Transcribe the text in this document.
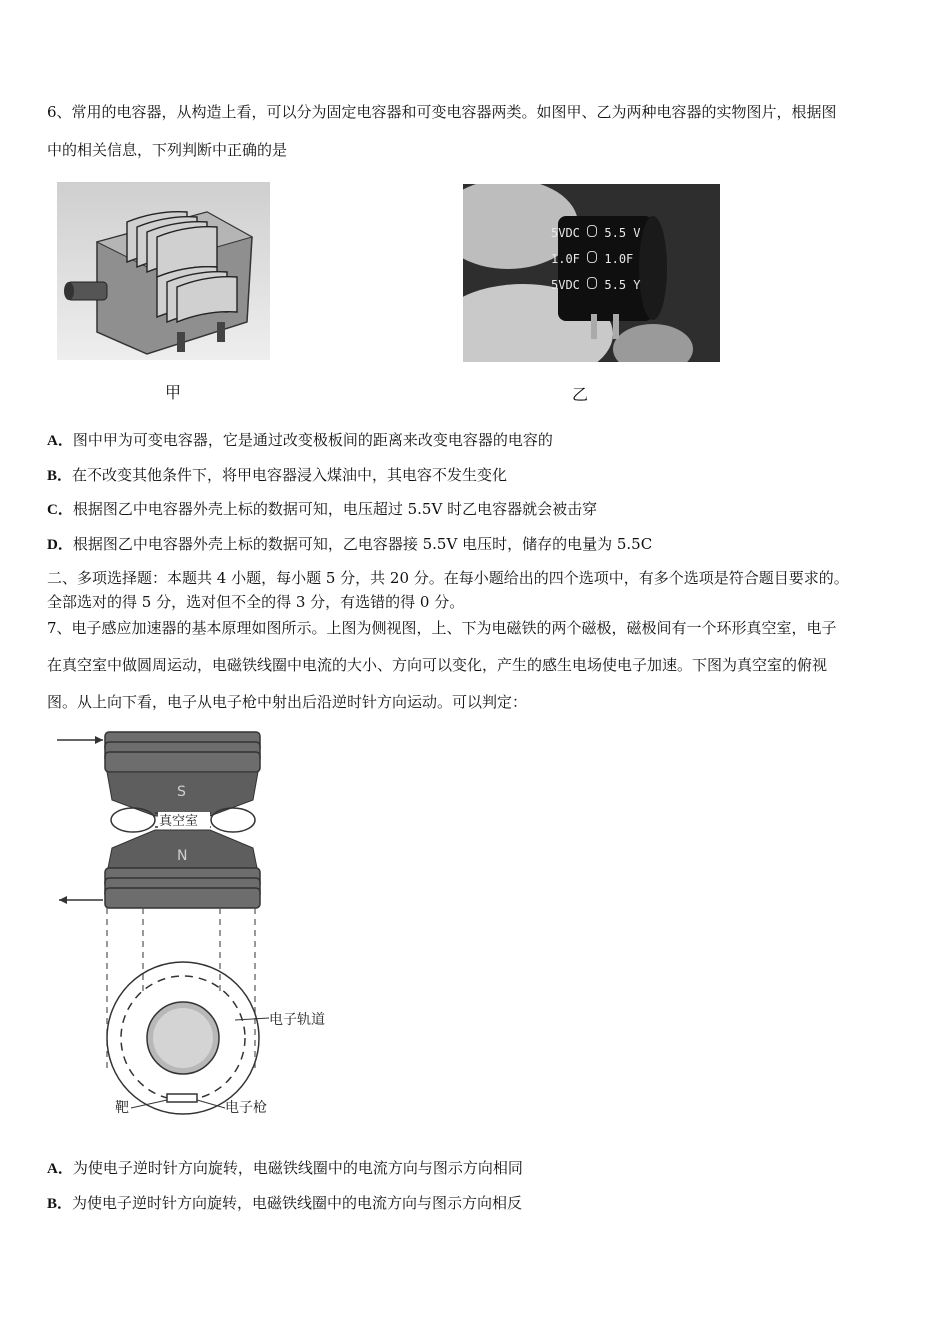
6、常用的电容器，从构造上看，可以分为固定电容器和可变电容器两类。如图甲、乙为两种电容器的实物图片，根据图
中的相关信息，下列判断中正确的是
甲
5VDC 5.5 V
1.0F 1.0F
5VDC 5.5 Y
乙
A．图中甲为可变电容器，它是通过改变极板间的距离来改变电容器的电容的
B．在不改变其他条件下，将甲电容器浸入煤油中，其电容不发生变化
C．根据图乙中电容器外壳上标的数据可知，电压超过 5.5V 时乙电容器就会被击穿
D．根据图乙中电容器外壳上标的数据可知，乙电容器接 5.5V 电压时，储存的电量为 5.5C
二、多项选择题：本题共 4 小题，每小题 5 分，共 20 分。在每小题给出的四个选项中，有多个选项是符合题目要求的。
全部选对的得 5 分，选对但不全的得 3 分，有选错的得 0 分。
7、电子感应加速器的基本原理如图所示。上图为侧视图，上、下为电磁铁的两个磁极，磁极间有一个环形真空室，电子
在真空室中做圆周运动，电磁铁线圈中电流的大小、方向可以变化，产生的感生电场使电子加速。下图为真空室的俯视
图。从上向下看，电子从电子枪中射出后沿逆时针方向运动。可以判定：
S
真空室
N
电子轨道
靶	电子枪
A．为使电子逆时针方向旋转，电磁铁线圈中的电流方向与图示方向相同
B．为使电子逆时针方向旋转，电磁铁线圈中的电流方向与图示方向相反
